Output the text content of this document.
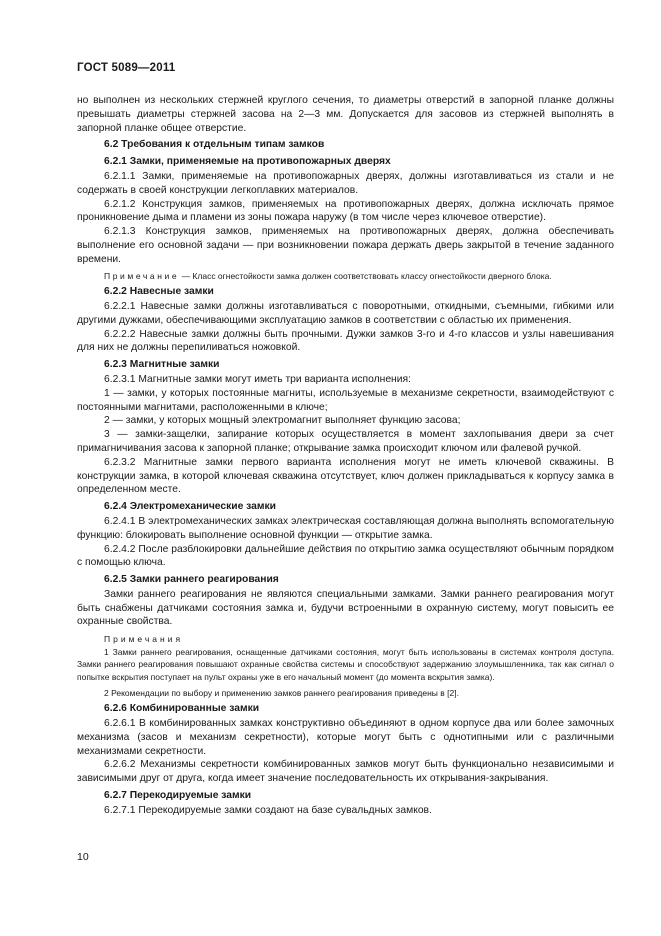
ГОСТ 5089—2011

но выполнен из нескольких стержней круглого сечения, то диаметры отверстий в запорной планке должны превышать диаметры стержней засова на 2—3 мм. Допускается для засовов из стержней выполнять в запорной планке общее отверстие.

6.2 Требования к отдельным типам замков
6.2.1 Замки, применяемые на противопожарных дверях

6.2.1.1 Замки, применяемые на противопожарных дверях, должны изготавливаться из стали и не содержать в своей конструкции легкоплавких материалов.

6.2.1.2 Конструкция замков, применяемых на противопожарных дверях, должна исключать прямое проникновение дыма и пламени из зоны пожара наружу (в том числе через ключевое отверстие).

6.2.1.3 Конструкция замков, применяемых на противопожарных дверях, должна обеспечивать выполнение его основной задачи — при возникновении пожара держать дверь закрытой в течение заданного времени.

Примечание — Класс огнестойкости замка должен соответствовать классу огнестойкости дверного блока.

6.2.2 Навесные замки

6.2.2.1 Навесные замки должны изготавливаться с поворотными, откидными, съемными, гибкими или другими дужками, обеспечивающими эксплуатацию замков в соответствии с областью их применения.

6.2.2.2 Навесные замки должны быть прочными. Дужки замков 3-го и 4-го классов и узлы навешивания для них не должны перепиливаться ножовкой.

6.2.3 Магнитные замки

6.2.3.1 Магнитные замки могут иметь три варианта исполнения:

1 — замки, у которых постоянные магниты, используемые в механизме секретности, взаимодействуют с постоянными магнитами, расположенными в ключе;

2 — замки, у которых мощный электромагнит выполняет функцию засова;

3 — замки-защелки, запирание которых осуществляется в момент захлопывания двери за счет примагничивания засова к запорной планке; открывание замка происходит ключом или фалевой ручкой.

6.2.3.2 Магнитные замки первого варианта исполнения могут не иметь ключевой скважины. В конструкции замка, в которой ключевая скважина отсутствует, ключ должен прикладываться к корпусу замка в определенном месте.

6.2.4 Электромеханические замки

6.2.4.1 В электромеханических замках электрическая составляющая должна выполнять вспомогательную функцию: блокировать выполнение основной функции — открытие замка.

6.2.4.2 После разблокировки дальнейшие действия по открытию замка осуществляют обычным порядком с помощью ключа.

6.2.5 Замки раннего реагирования

Замки раннего реагирования не являются специальными замками. Замки раннего реагирования могут быть снабжены датчиками состояния замка и, будучи встроенными в охранную систему, могут повысить ее охранные свойства.

Примечания

1 Замки раннего реагирования, оснащенные датчиками состояния, могут быть использованы в системах контроля доступа. Замки раннего реагирования повышают охранные свойства системы и способствуют задержанию злоумышленника, так как сигнал о попытке вскрытия поступает на пульт охраны уже в его начальный момент (до момента вскрытия замка).

2 Рекомендации по выбору и применению замков раннего реагирования приведены в [2].

6.2.6 Комбинированные замки

6.2.6.1 В комбинированных замках конструктивно объединяют в одном корпусе два или более замочных механизма (засов и механизм секретности), которые могут быть с однотипными или с различными механизмами секретности.

6.2.6.2 Механизмы секретности комбинированных замков могут быть функционально независимыми и зависимыми друг от друга, когда имеет значение последовательность их открывания-закрывания.

6.2.7 Перекодируемые замки

6.2.7.1 Перекодируемые замки создают на базе сувальдных замков.

10
